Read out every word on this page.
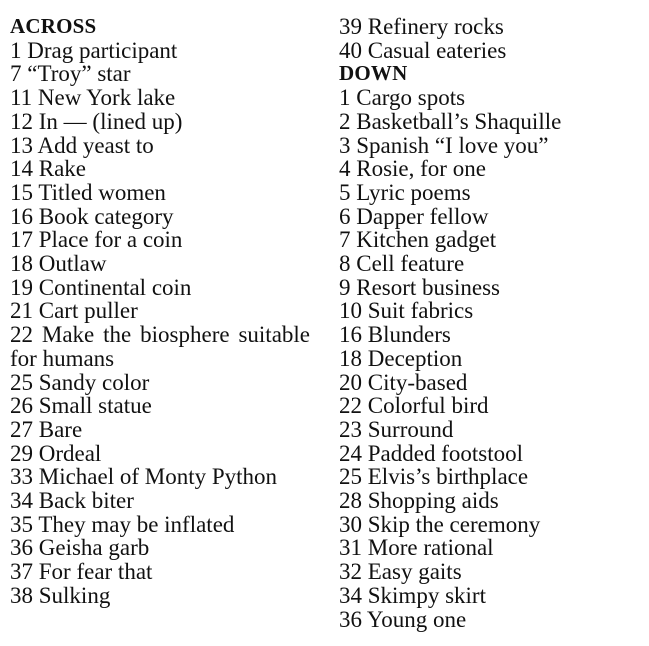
ACROSS
1 Drag participant
7 “Troy” star
11 New York lake
12 In — (lined up)
13 Add yeast to
14 Rake
15 Titled women
16 Book category
17 Place for a coin
18 Outlaw
19 Continental coin
21 Cart puller
22 Make the biosphere suitable for humans
25 Sandy color
26 Small statue
27 Bare
29 Ordeal
33 Michael of Monty Python
34 Back biter
35 They may be inflated
36 Geisha garb
37 For fear that
38 Sulking
39 Refinery rocks
40 Casual eateries
DOWN
1 Cargo spots
2 Basketball’s Shaquille
3 Spanish “I love you”
4 Rosie, for one
5 Lyric poems
6 Dapper fellow
7 Kitchen gadget
8 Cell feature
9 Resort business
10 Suit fabrics
16 Blunders
18 Deception
20 City-based
22 Colorful bird
23 Surround
24 Padded footstool
25 Elvis’s birthplace
28 Shopping aids
30 Skip the ceremony
31 More rational
32 Easy gaits
34 Skimpy skirt
36 Young one
